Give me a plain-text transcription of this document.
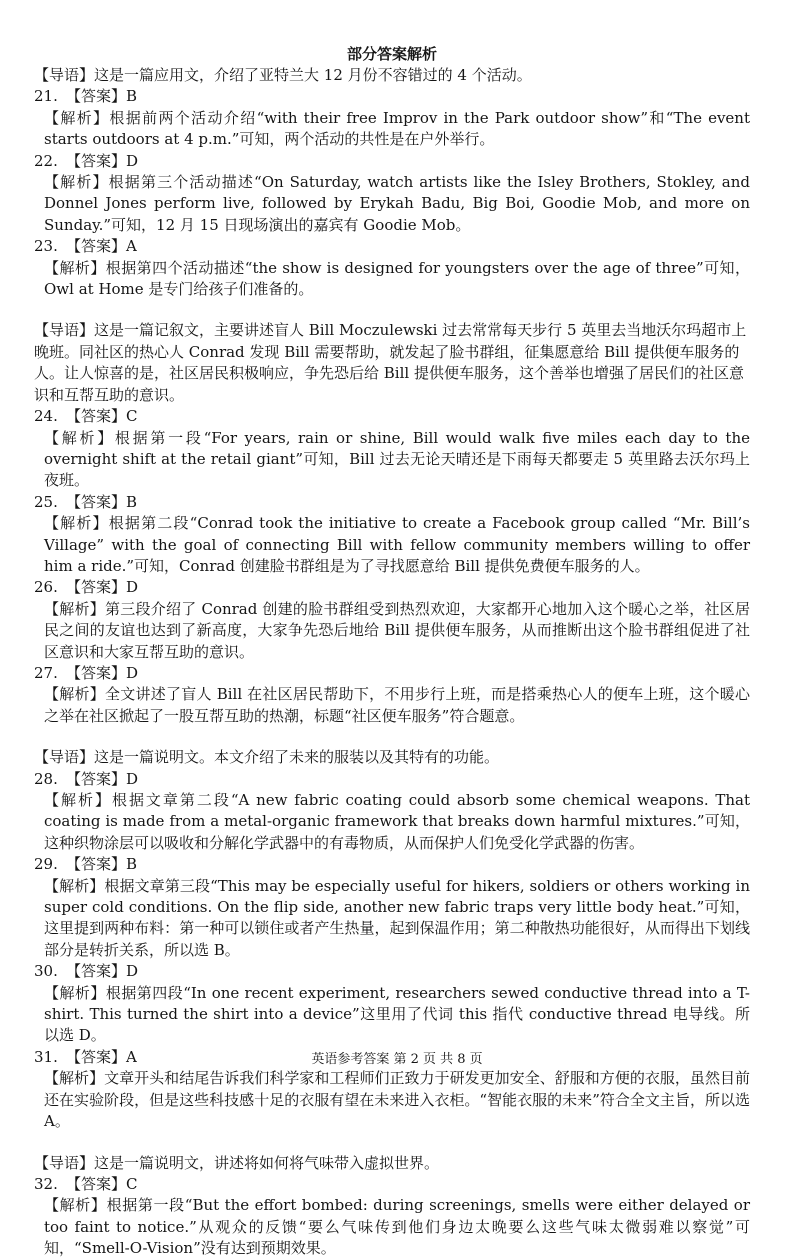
部分答案解析

【导语】这是一篇应用文，介绍了亚特兰大 12 月份不容错过的 4 个活动。

21. 【答案】B

【解析】根据前两个活动介绍“with their free Improv in the Park outdoor show”和“The event starts outdoors at 4 p.m.”可知，两个活动的共性是在户外举行。

22. 【答案】D

【解析】根据第三个活动描述“On Saturday, watch artists like the Isley Brothers, Stokley, and Donnel Jones perform live, followed by Erykah Badu, Big Boi, Goodie Mob, and more on Sunday.”可知，12 月 15 日现场演出的嘉宾有 Goodie Mob。

23. 【答案】A

【解析】根据第四个活动描述“the show is designed for youngsters over the age of three”可知，Owl at Home 是专门给孩子们准备的。

【导语】这是一篇记叙文，主要讲述盲人 Bill Moczulewski 过去常常每天步行 5 英里去当地沃尔玛超市上晚班。同社区的热心人 Conrad 发现 Bill 需要帮助，就发起了脸书群组，征集愿意给 Bill 提供便车服务的人。让人惊喜的是，社区居民积极响应，争先恐后给 Bill 提供便车服务，这个善举也增强了居民们的社区意识和互帮互助的意识。

24. 【答案】C

【解析】根据第一段“For years, rain or shine, Bill would walk five miles each day to the overnight shift at the retail giant”可知，Bill 过去无论天晴还是下雨每天都要走 5 英里路去沃尔玛上夜班。

25. 【答案】B

【解析】根据第二段“Conrad took the initiative to create a Facebook group called “Mr. Bill’s Village” with the goal of connecting Bill with fellow community members willing to offer him a ride.”可知，Conrad 创建脸书群组是为了寻找愿意给 Bill 提供免费便车服务的人。

26. 【答案】D

【解析】第三段介绍了 Conrad 创建的脸书群组受到热烈欢迎，大家都开心地加入这个暖心之举，社区居民之间的友谊也达到了新高度，大家争先恐后地给 Bill 提供便车服务，从而推断出这个脸书群组促进了社区意识和大家互帮互助的意识。

27. 【答案】D

【解析】全文讲述了盲人 Bill 在社区居民帮助下，不用步行上班，而是搭乘热心人的便车上班，这个暖心之举在社区掀起了一股互帮互助的热潮，标题“社区便车服务”符合题意。

【导语】这是一篇说明文。本文介绍了未来的服装以及其特有的功能。

28. 【答案】D

【解析】根据文章第二段“A new fabric coating could absorb some chemical weapons. That coating is made from a metal-organic framework that breaks down harmful mixtures.”可知，这种织物涂层可以吸收和分解化学武器中的有毒物质，从而保护人们免受化学武器的伤害。

29. 【答案】B

【解析】根据文章第三段“This may be especially useful for hikers, soldiers or others working in super cold conditions. On the flip side, another new fabric traps very little body heat.”可知，这里提到两种布料：第一种可以锁住或者产生热量，起到保温作用；第二种散热功能很好，从而得出下划线部分是转折关系，所以选 B。

30. 【答案】D

【解析】根据第四段“In one recent experiment, researchers sewed conductive thread into a T-shirt. This turned the shirt into a device”这里用了代词 this 指代 conductive thread 电导线。所以选 D。

31. 【答案】A

【解析】文章开头和结尾告诉我们科学家和工程师们正致力于研发更加安全、舒服和方便的衣服，虽然目前还在实验阶段，但是这些科技感十足的衣服有望在未来进入衣柜。“智能衣服的未来”符合全文主旨，所以选 A。

【导语】这是一篇说明文，讲述将如何将气味带入虚拟世界。

32. 【答案】C

【解析】根据第一段“But the effort bombed: during screenings, smells were either delayed or too faint to notice.”从观众的反馈“要么气味传到他们身边太晚要么这些气味太微弱难以察觉”可知，“Smell-O-Vision”没有达到预期效果。

英语参考答案 第 2 页 共 8 页
